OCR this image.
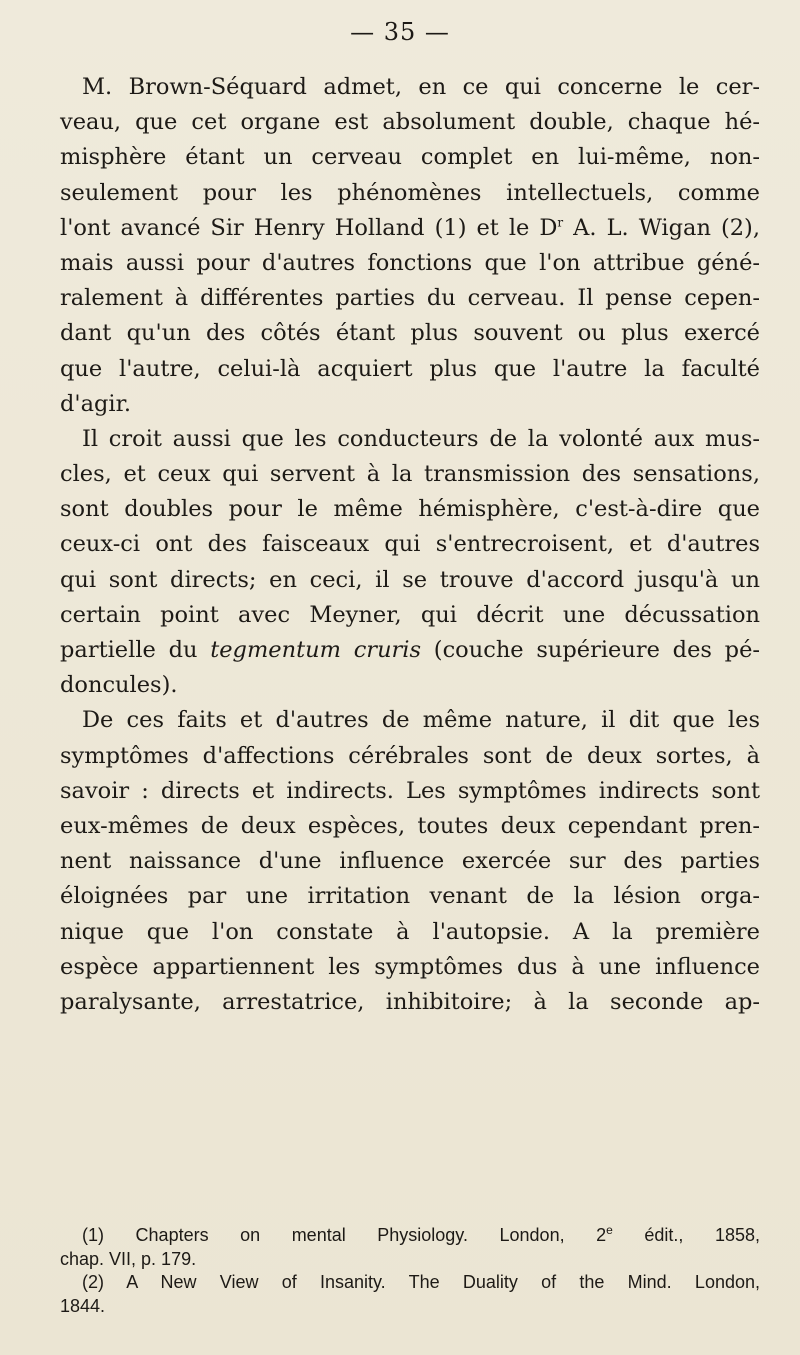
— 35 —
M. Brown-Séquard admet, en ce qui concerne le cer-
veau, que cet organe est absolument double, chaque hé-
misphère étant un cerveau complet en lui-même, non-
seulement pour les phénomènes intellectuels, comme
l'ont avancé Sir Henry Holland (1) et le $D^r$ A. L. Wigan (2),
mais aussi pour d'autres fonctions que l'on attribue géné-
ralement à différentes parties du cerveau. Il pense cepen-
dant qu'un des côtés étant plus souvent ou plus exercé
que l'autre, celui-là acquiert plus que l'autre la faculté
d'agir.
Il croit aussi que les conducteurs de la volonté aux mus-
cles, et ceux qui servent à la transmission des sensations,
sont doubles pour le même hémisphère, c'est-à-dire que
ceux-ci ont des faisceaux qui s'entrecroisent, et d'autres
qui sont directs; en ceci, il se trouve d'accord jusqu'à un
certain point avec Meyner, qui décrit une décussation
partielle du tegmentum cruris (couche supérieure des pé-
doncules).
De ces faits et d'autres de même nature, il dit que les
symptômes d'affections cérébrales sont de deux sortes, à
savoir : directs et indirects. Les symptômes indirects sont
eux-mêmes de deux espèces, toutes deux cependant pren-
nent naissance d'une influence exercée sur des parties
éloignées par une irritation venant de la lésion orga-
nique que l'on constate à l'autopsie. A la première
espèce appartiennent les symptômes dus à une influence
paralysante, arrestatrice, inhibitoire; à la seconde ap-
(1) Chapters on mental Physiology. London, 2e édit., 1858,
chap. VII, p. 179.
(2) A New View of Insanity. The Duality of the Mind. London,
1844.
